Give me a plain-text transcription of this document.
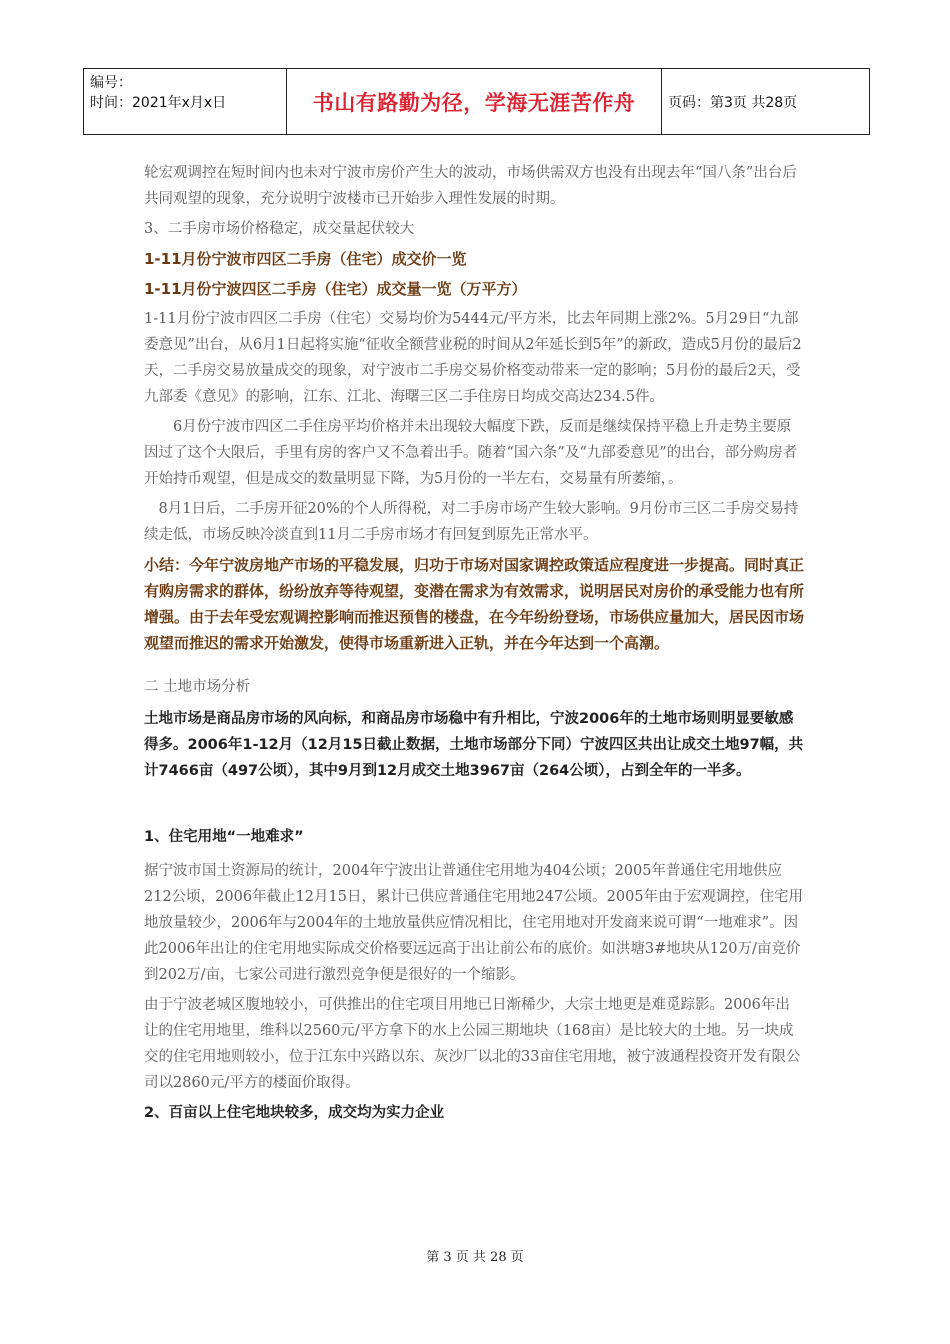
编号：
时间：2021年x月x日	书山有路勤为径，学海无涯苦作舟	页码：第3页 共28页

轮宏观调控在短时间内也未对宁波市房价产生大的波动，市场供需双方也没有出现去年“国八条”出台后共同观望的现象，充分说明宁波楼市已开始步入理性发展的时期。

3、二手房市场价格稳定，成交量起伏较大

1-11月份宁波市四区二手房（住宅）成交价一览

1-11月份宁波四区二手房（住宅）成交量一览（万平方）

1-11月份宁波市四区二手房（住宅）交易均价为5444元/平方米，比去年同期上涨2%。5月29日“九部委意见”出台，从6月1日起将实施“征收全额营业税的时间从2年延长到5年”的新政，造成5月份的最后2天，二手房交易放量成交的现象，对宁波市二手房交易价格变动带来一定的影响；5月份的最后2天，受九部委《意见》的影响，江东、江北、海曙三区二手住房日均成交高达234.5件。

6月份宁波市四区二手住房平均价格并未出现较大幅度下跌，反而是继续保持平稳上升走势主要原因过了这个大限后，手里有房的客户又不急着出手。随着“国六条”及“九部委意见”的出台，部分购房者开始持币观望，但是成交的数量明显下降，为5月份的一半左右，交易量有所萎缩，。

8月1日后，二手房开征20%的个人所得税，对二手房市场产生较大影响。9月份市三区二手房交易持续走低，市场反映冷淡直到11月二手房市场才有回复到原先正常水平。

小结：今年宁波房地产市场的平稳发展，归功于市场对国家调控政策适应程度进一步提高。同时真正有购房需求的群体，纷纷放弃等待观望，变潜在需求为有效需求，说明居民对房价的承受能力也有所增强。由于去年受宏观调控影响而推迟预售的楼盘，在今年纷纷登场，市场供应量加大，居民因市场观望而推迟的需求开始激发，使得市场重新进入正轨，并在今年达到一个高潮。

二 土地市场分析

土地市场是商品房市场的风向标，和商品房市场稳中有升相比，宁波2006年的土地市场则明显要敏感得多。2006年1-12月（12月15日截止数据，土地市场部分下同）宁波四区共出让成交土地97幅，共计7466亩（497公顷），其中9月到12月成交土地3967亩（264公顷），占到全年的一半多。

1、住宅用地“一地难求”

据宁波市国土资源局的统计，2004年宁波出让普通住宅用地为404公顷；2005年普通住宅用地供应212公顷，2006年截止12月15日，累计已供应普通住宅用地247公顷。2005年由于宏观调控，住宅用地放量较少，2006年与2004年的土地放量供应情况相比，住宅用地对开发商来说可谓“一地难求”。因此2006年出让的住宅用地实际成交价格要远远高于出让前公布的底价。如洪塘3#地块从120万/亩竞价到202万/亩，七家公司进行激烈竞争便是很好的一个缩影。

由于宁波老城区腹地较小，可供推出的住宅项目用地已日渐稀少，大宗土地更是难觅踪影。2006年出让的住宅用地里，维科以2560元/平方拿下的水上公园三期地块（168亩）是比较大的土地。另一块成交的住宅用地则较小，位于江东中兴路以东、灰沙厂以北的33亩住宅用地，被宁波通程投资开发有限公司以2860元/平方的楼面价取得。

2、百亩以上住宅地块较多，成交均为实力企业

第 3 页 共 28 页
